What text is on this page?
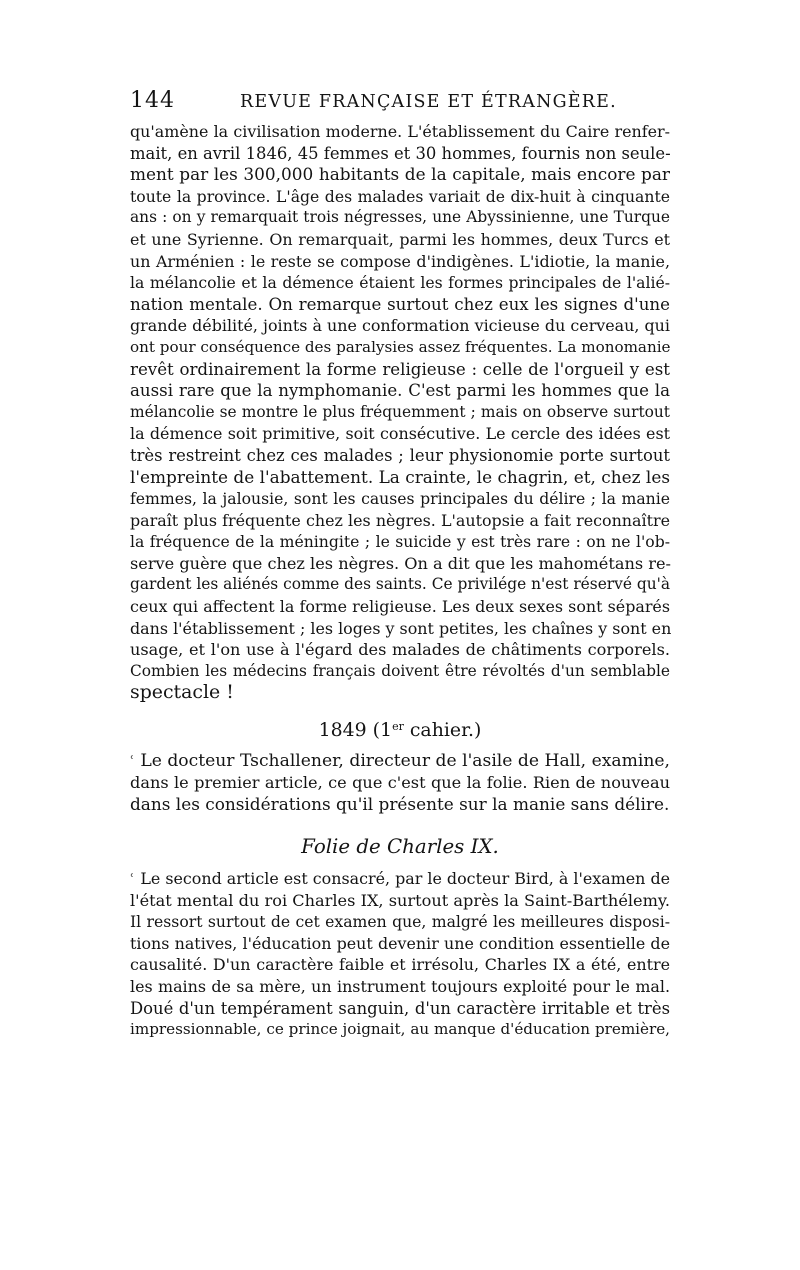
144	REVUE FRANÇAISE ET ÉTRANGÈRE.
qu'amène la civilisation moderne. L'établissement du Caire renfer-
mait, en avril 1846, 45 femmes et 30 hommes, fournis non seule-
ment par les 300,000 habitants de la capitale, mais encore par
toute la province. L'âge des malades variait de dix-huit à cinquante
ans : on y remarquait trois négresses, une Abyssinienne, une Turque
et une Syrienne. On remarquait, parmi les hommes, deux Turcs et
un Arménien : le reste se compose d'indigènes. L'idiotie, la manie,
la mélancolie et la démence étaient les formes principales de l'alié-
nation mentale. On remarque surtout chez eux les signes d'une
grande débilité, joints à une conformation vicieuse du cerveau, qui
ont pour conséquence des paralysies assez fréquentes. La monomanie
revêt ordinairement la forme religieuse : celle de l'orgueil y est
aussi rare que la nymphomanie. C'est parmi les hommes que la
mélancolie se montre le plus fréquemment ; mais on observe surtout
la démence soit primitive, soit consécutive. Le cercle des idées est
très restreint chez ces malades ; leur physionomie porte surtout
l'empreinte de l'abattement. La crainte, le chagrin, et, chez les
femmes, la jalousie, sont les causes principales du délire ; la manie
paraît plus fréquente chez les nègres. L'autopsie a fait reconnaître
la fréquence de la méningite ; le suicide y est très rare : on ne l'ob-
serve guère que chez les nègres. On a dit que les mahométans re-
gardent les aliénés comme des saints. Ce privilége n'est réservé qu'à
ceux qui affectent la forme religieuse. Les deux sexes sont séparés
dans l'établissement ; les loges y sont petites, les chaînes y sont en
usage, et l'on use à l'égard des malades de châtiments corporels.
Combien les médecins français doivent être révoltés d'un semblable
spectacle !
1849 (1er cahier.)
ʿ Le docteur Tschallener, directeur de l'asile de Hall, examine,
dans le premier article, ce que c'est que la folie. Rien de nouveau
dans les considérations qu'il présente sur la manie sans délire.
Folie de Charles IX.
ʿ Le second article est consacré, par le docteur Bird, à l'examen de
l'état mental du roi Charles IX, surtout après la Saint-Barthélemy.
Il ressort surtout de cet examen que, malgré les meilleures disposi-
tions natives, l'éducation peut devenir une condition essentielle de
causalité. D'un caractère faible et irrésolu, Charles IX a été, entre
les mains de sa mère, un instrument toujours exploité pour le mal.
Doué d'un tempérament sanguin, d'un caractère irritable et très
impressionnable, ce prince joignait, au manque d'éducation première,
